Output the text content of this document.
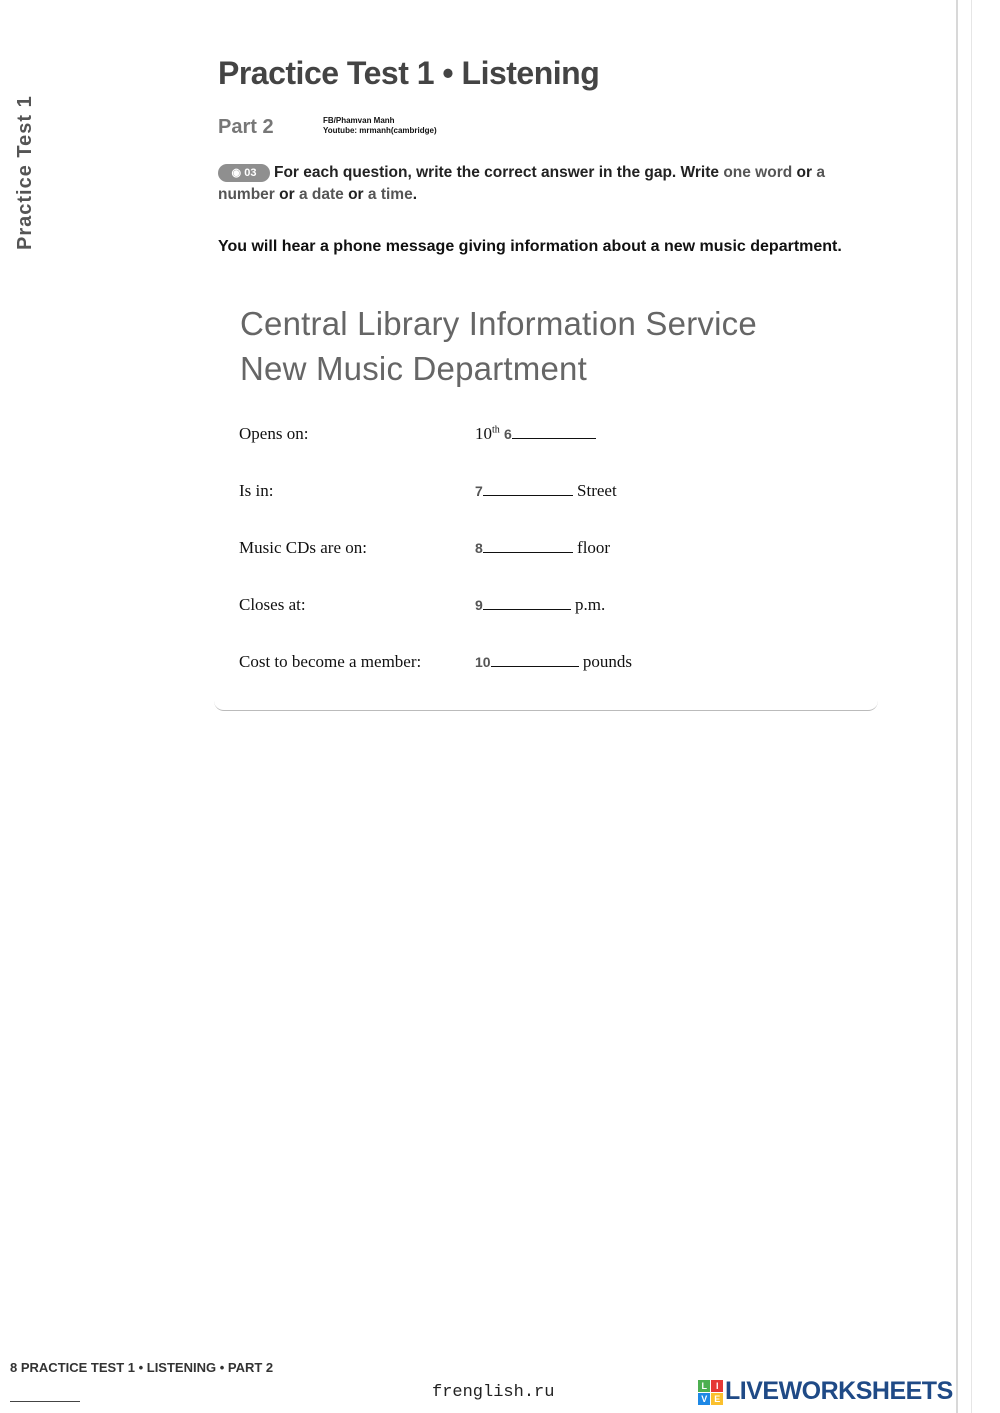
Practice Test 1
Practice Test 1 • Listening
Part 2	FB/Phamvan Manh
Youtube: mrmanh(cambridge)
◉ 03 For each question, write the correct answer in the gap. Write one word or a number or a date or a time.
You will hear a phone message giving information about a new music department.
Central Library Information Service
New Music Department
Opens on:	10th 6
Is in:	7	Street
Music CDs are on:	8	floor
Closes at:	9	p.m.
Cost to become a member:	10	pounds
8 PRACTICE TEST 1 • LISTENING • PART 2
frenglish.ru	L	I
V E LIVEWORKSHEETS
